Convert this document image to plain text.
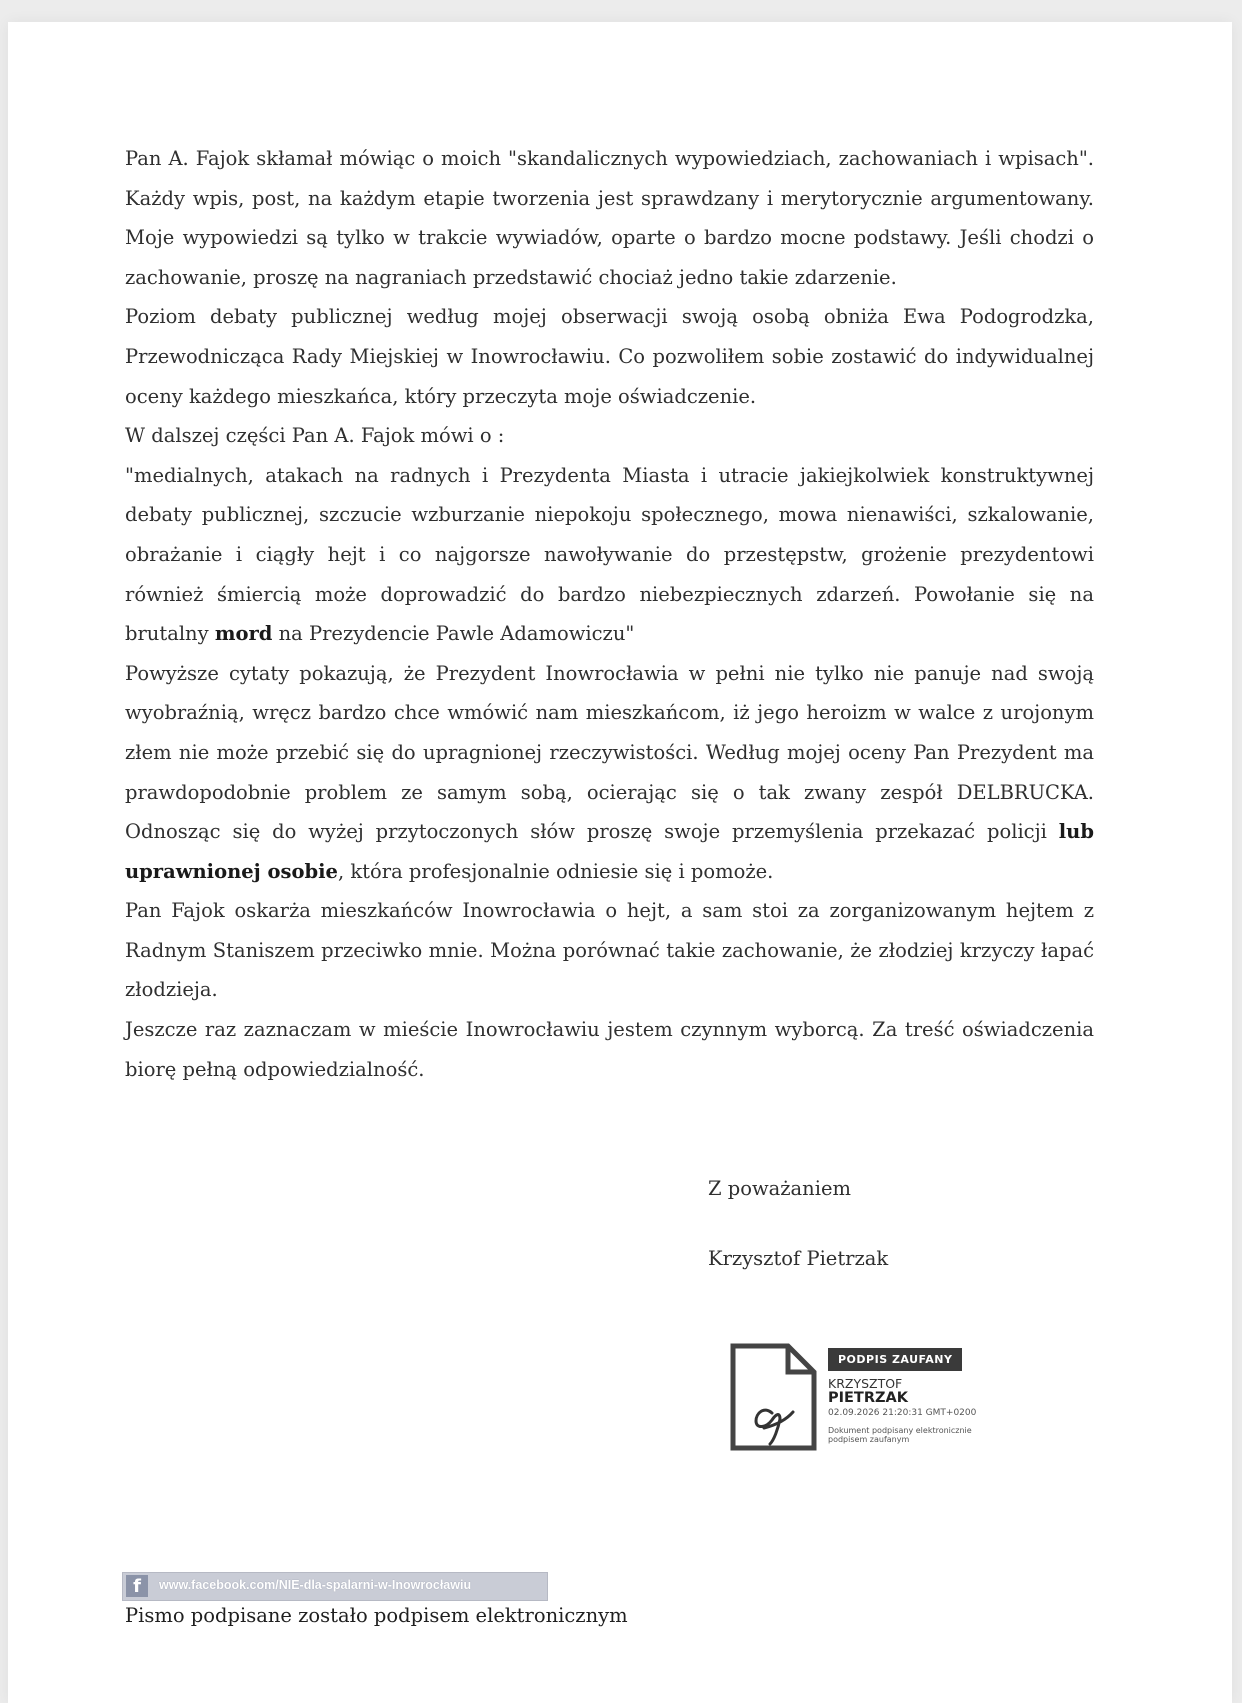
Pan A. Fajok skłamał mówiąc o moich "skandalicznych wypowiedziach, zachowaniach i wpisach". Każdy wpis, post, na każdym etapie tworzenia jest sprawdzany i merytorycznie argumentowany. Moje wypowiedzi są tylko w trakcie wywiadów, oparte o bardzo mocne podstawy. Jeśli chodzi o zachowanie, proszę na nagraniach przedstawić chociaż jedno takie zdarzenie.

Poziom debaty publicznej według mojej obserwacji swoją osobą obniża Ewa Podogrodzka, Przewodnicząca Rady Miejskiej w Inowrocławiu. Co pozwoliłem sobie zostawić do indywidualnej oceny każdego mieszkańca, który przeczyta moje oświadczenie.

W dalszej części Pan A. Fajok mówi o :

"medialnych, atakach na radnych i Prezydenta Miasta i utracie jakiejkolwiek konstruktywnej debaty publicznej, szczucie wzburzanie niepokoju społecznego, mowa nienawiści, szkalowanie, obrażanie i ciągły hejt i co najgorsze nawoływanie do przestępstw, grożenie prezydentowi również śmiercią może doprowadzić do bardzo niebezpiecznych zdarzeń. Powołanie się na brutalny mord na Prezydencie Pawle Adamowiczu"

Powyższe cytaty pokazują, że Prezydent Inowrocławia w pełni nie tylko nie panuje nad swoją wyobraźnią, wręcz bardzo chce wmówić nam mieszkańcom, iż jego heroizm w walce z urojonym złem nie może przebić się do upragnionej rzeczywistości. Według mojej oceny Pan Prezydent ma prawdopodobnie problem ze samym sobą, ocierając się o tak zwany zespół DELBRUCKA. Odnosząc się do wyżej przytoczonych słów proszę swoje przemyślenia przekazać policji lub uprawnionej osobie, która profesjonalnie odniesie się i pomoże.

Pan Fajok oskarża mieszkańców Inowrocławia o hejt, a sam stoi za zorganizowanym hejtem z Radnym Staniszem przeciwko mnie. Można porównać takie zachowanie, że złodziej krzyczy łapać złodzieja.

Jeszcze raz zaznaczam w mieście Inowrocławiu jestem czynnym wyborcą. Za treść oświadczenia biorę pełną odpowiedzialność.

Z poważaniem
Krzysztof Pietrzak
PODPIS ZAUFANY
KRZYSZTOF
PIETRZAK
02.09.2026 21:20:31 GMT+0200
Dokument podpisany elektronicznie podpisem zaufanym
f	www.facebook.com/NIE-dla-spalarni-w-Inowrocławiu
Pismo podpisane zostało podpisem elektronicznym
